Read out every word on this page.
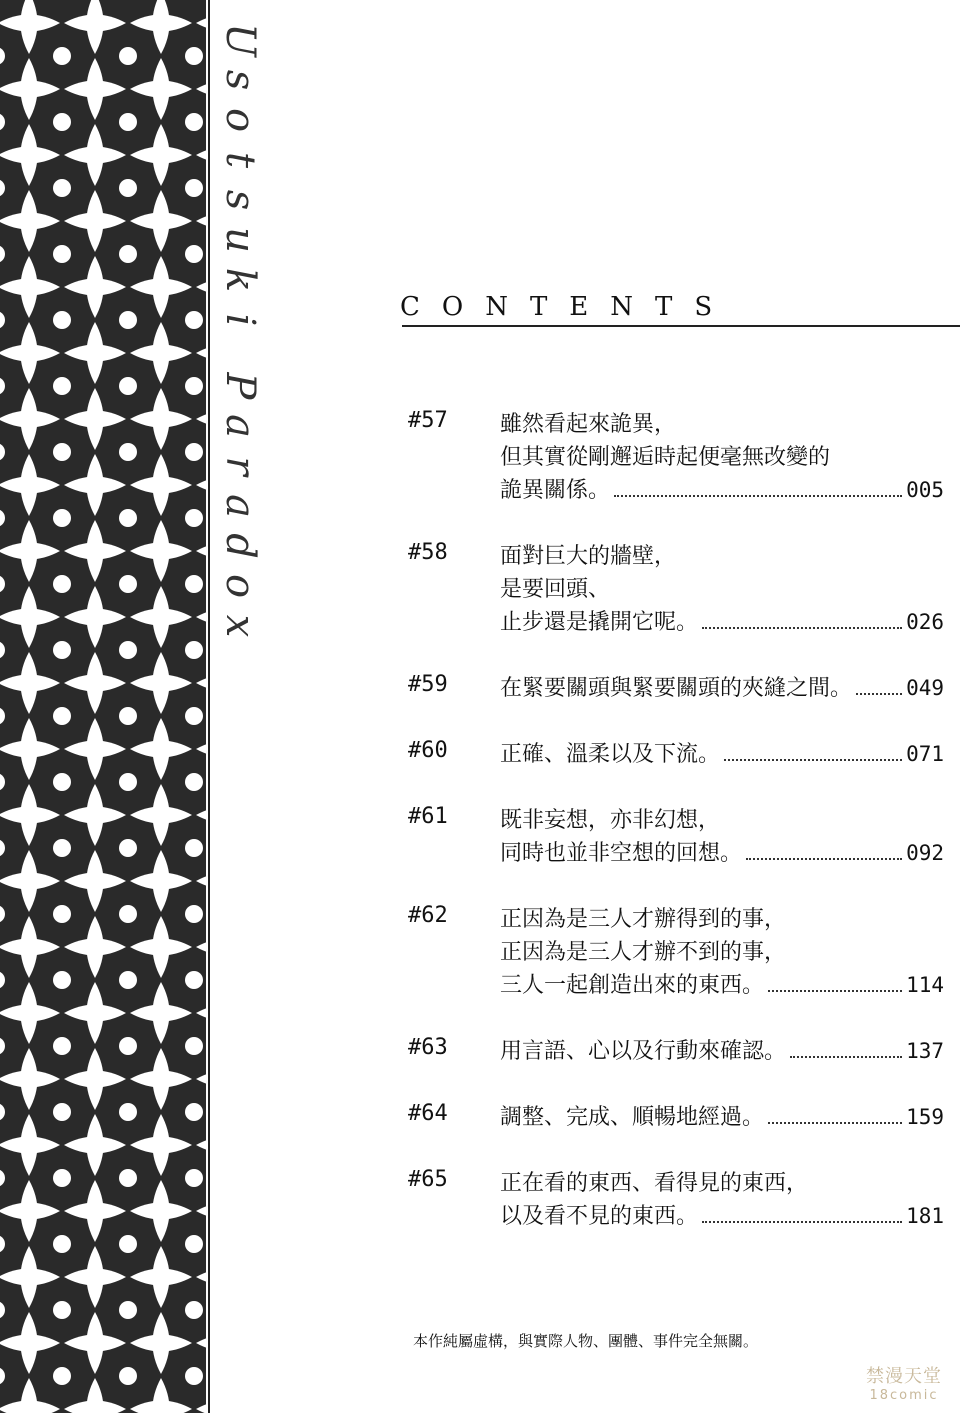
U
s
o
t
s
u
k
i
P
a
r
a
d
o
x
CONTENTS
#57	雖然看起來詭異，
但其實從剛邂逅時起便毫無改變的
詭異關係。	005
#58	面對巨大的牆壁，
是要回頭、
止步還是撬開它呢。	026
#59	在緊要關頭與緊要關頭的夾縫之間。	049
#60	正確、溫柔以及下流。	071
#61	既非妄想，亦非幻想，
同時也並非空想的回想。	092
#62	正因為是三人才辦得到的事，
正因為是三人才辦不到的事，
三人一起創造出來的東西。	114
#63	用言語、心以及行動來確認。	137
#64	調整、完成、順暢地經過。	159
#65	正在看的東西、看得見的東西，
以及看不見的東西。	181
本作純屬虛構，與實際人物、團體、事件完全無關。
禁漫天堂
18comic
